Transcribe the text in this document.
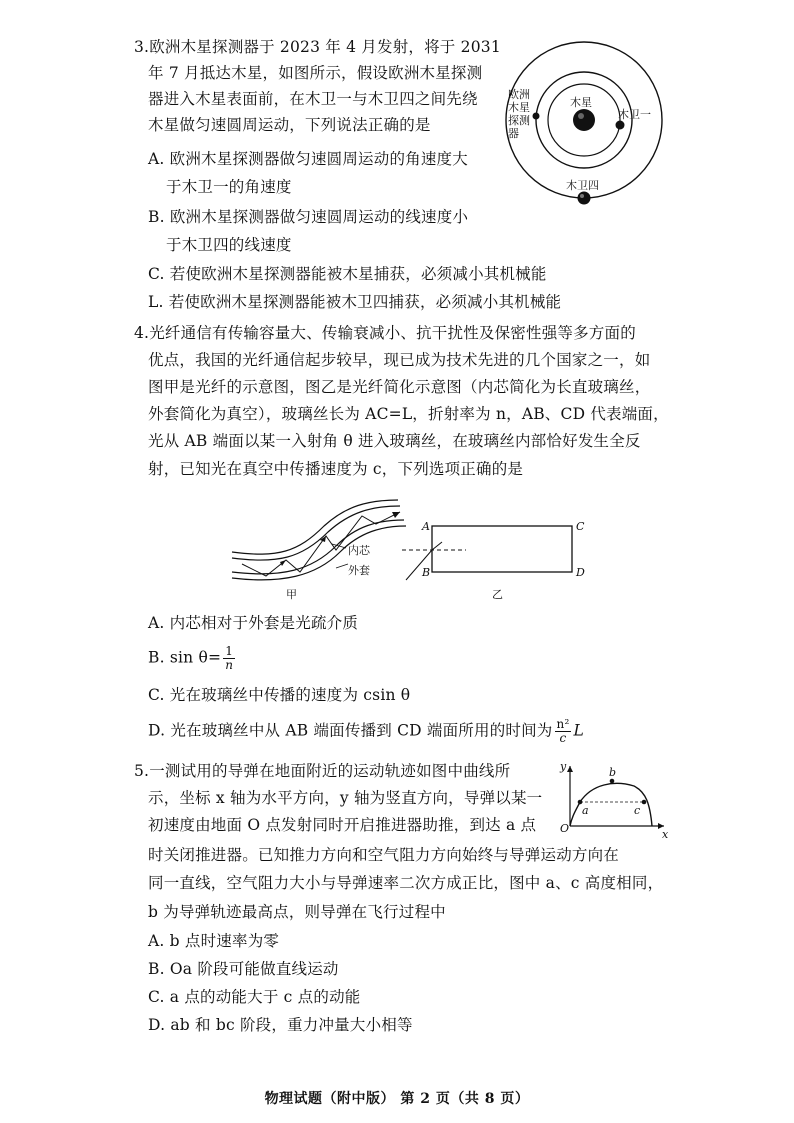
3.欧洲木星探测器于 2023 年 4 月发射，将于 2031
年 7 月抵达木星，如图所示，假设欧洲木星探测
器进入木星表面前，在木卫一与木卫四之间先绕
木星做匀速圆周运动，下列说法正确的是
A. 欧洲木星探测器做匀速圆周运动的角速度大
于木卫一的角速度
B. 欧洲木星探测器做匀速圆周运动的线速度小
于木卫四的线速度
C. 若使欧洲木星探测器能被木星捕获，必须减小其机械能
L. 若使欧洲木星探测器能被木卫四捕获，必须减小其机械能
欧洲
木星
探测
器
木星
木卫一
木卫四
4.光纤通信有传输容量大、传输衰减小、抗干扰性及保密性强等多方面的
优点，我国的光纤通信起步较早，现已成为技术先进的几个国家之一，如
图甲是光纤的示意图，图乙是光纤简化示意图（内芯简化为长直玻璃丝，
外套简化为真空），玻璃丝长为 AC=L，折射率为 n，AB、CD 代表端面，
光从 AB 端面以某一入射角 θ 进入玻璃丝，在玻璃丝内部恰好发生全反
射，已知光在真空中传播速度为 c，下列选项正确的是
内芯
外套
甲
A
B
C
D
乙
A. 内芯相对于外套是光疏介质
B. $\sin \theta= \frac{1}{n}$
C. 光在玻璃丝中传播的速度为 csin θ
D. 光在玻璃丝中从 AB 端面传播到 CD 端面所用的时间为 $\frac{\text{n²}}{c}$ L
5.一测试用的导弹在地面附近的运动轨迹如图中曲线所
示，坐标 x 轴为水平方向，y 轴为竖直方向，导弹以某一
初速度由地面 O 点发射同时开启推进器助推，到达 a 点
时关闭推进器。已知推力方向和空气阻力方向始终与导弹运动方向在
同一直线，空气阻力大小与导弹速率二次方成正比，图中 a、c 高度相同，
b 为导弹轨迹最高点，则导弹在飞行过程中
y
x
O
a
b
c
A. b 点时速率为零
B. Oa 阶段可能做直线运动
C. a 点的动能大于 c 点的动能
D. ab 和 bc 阶段，重力冲量大小相等
物理试题（附中版） 第 2 页（共 8 页）
